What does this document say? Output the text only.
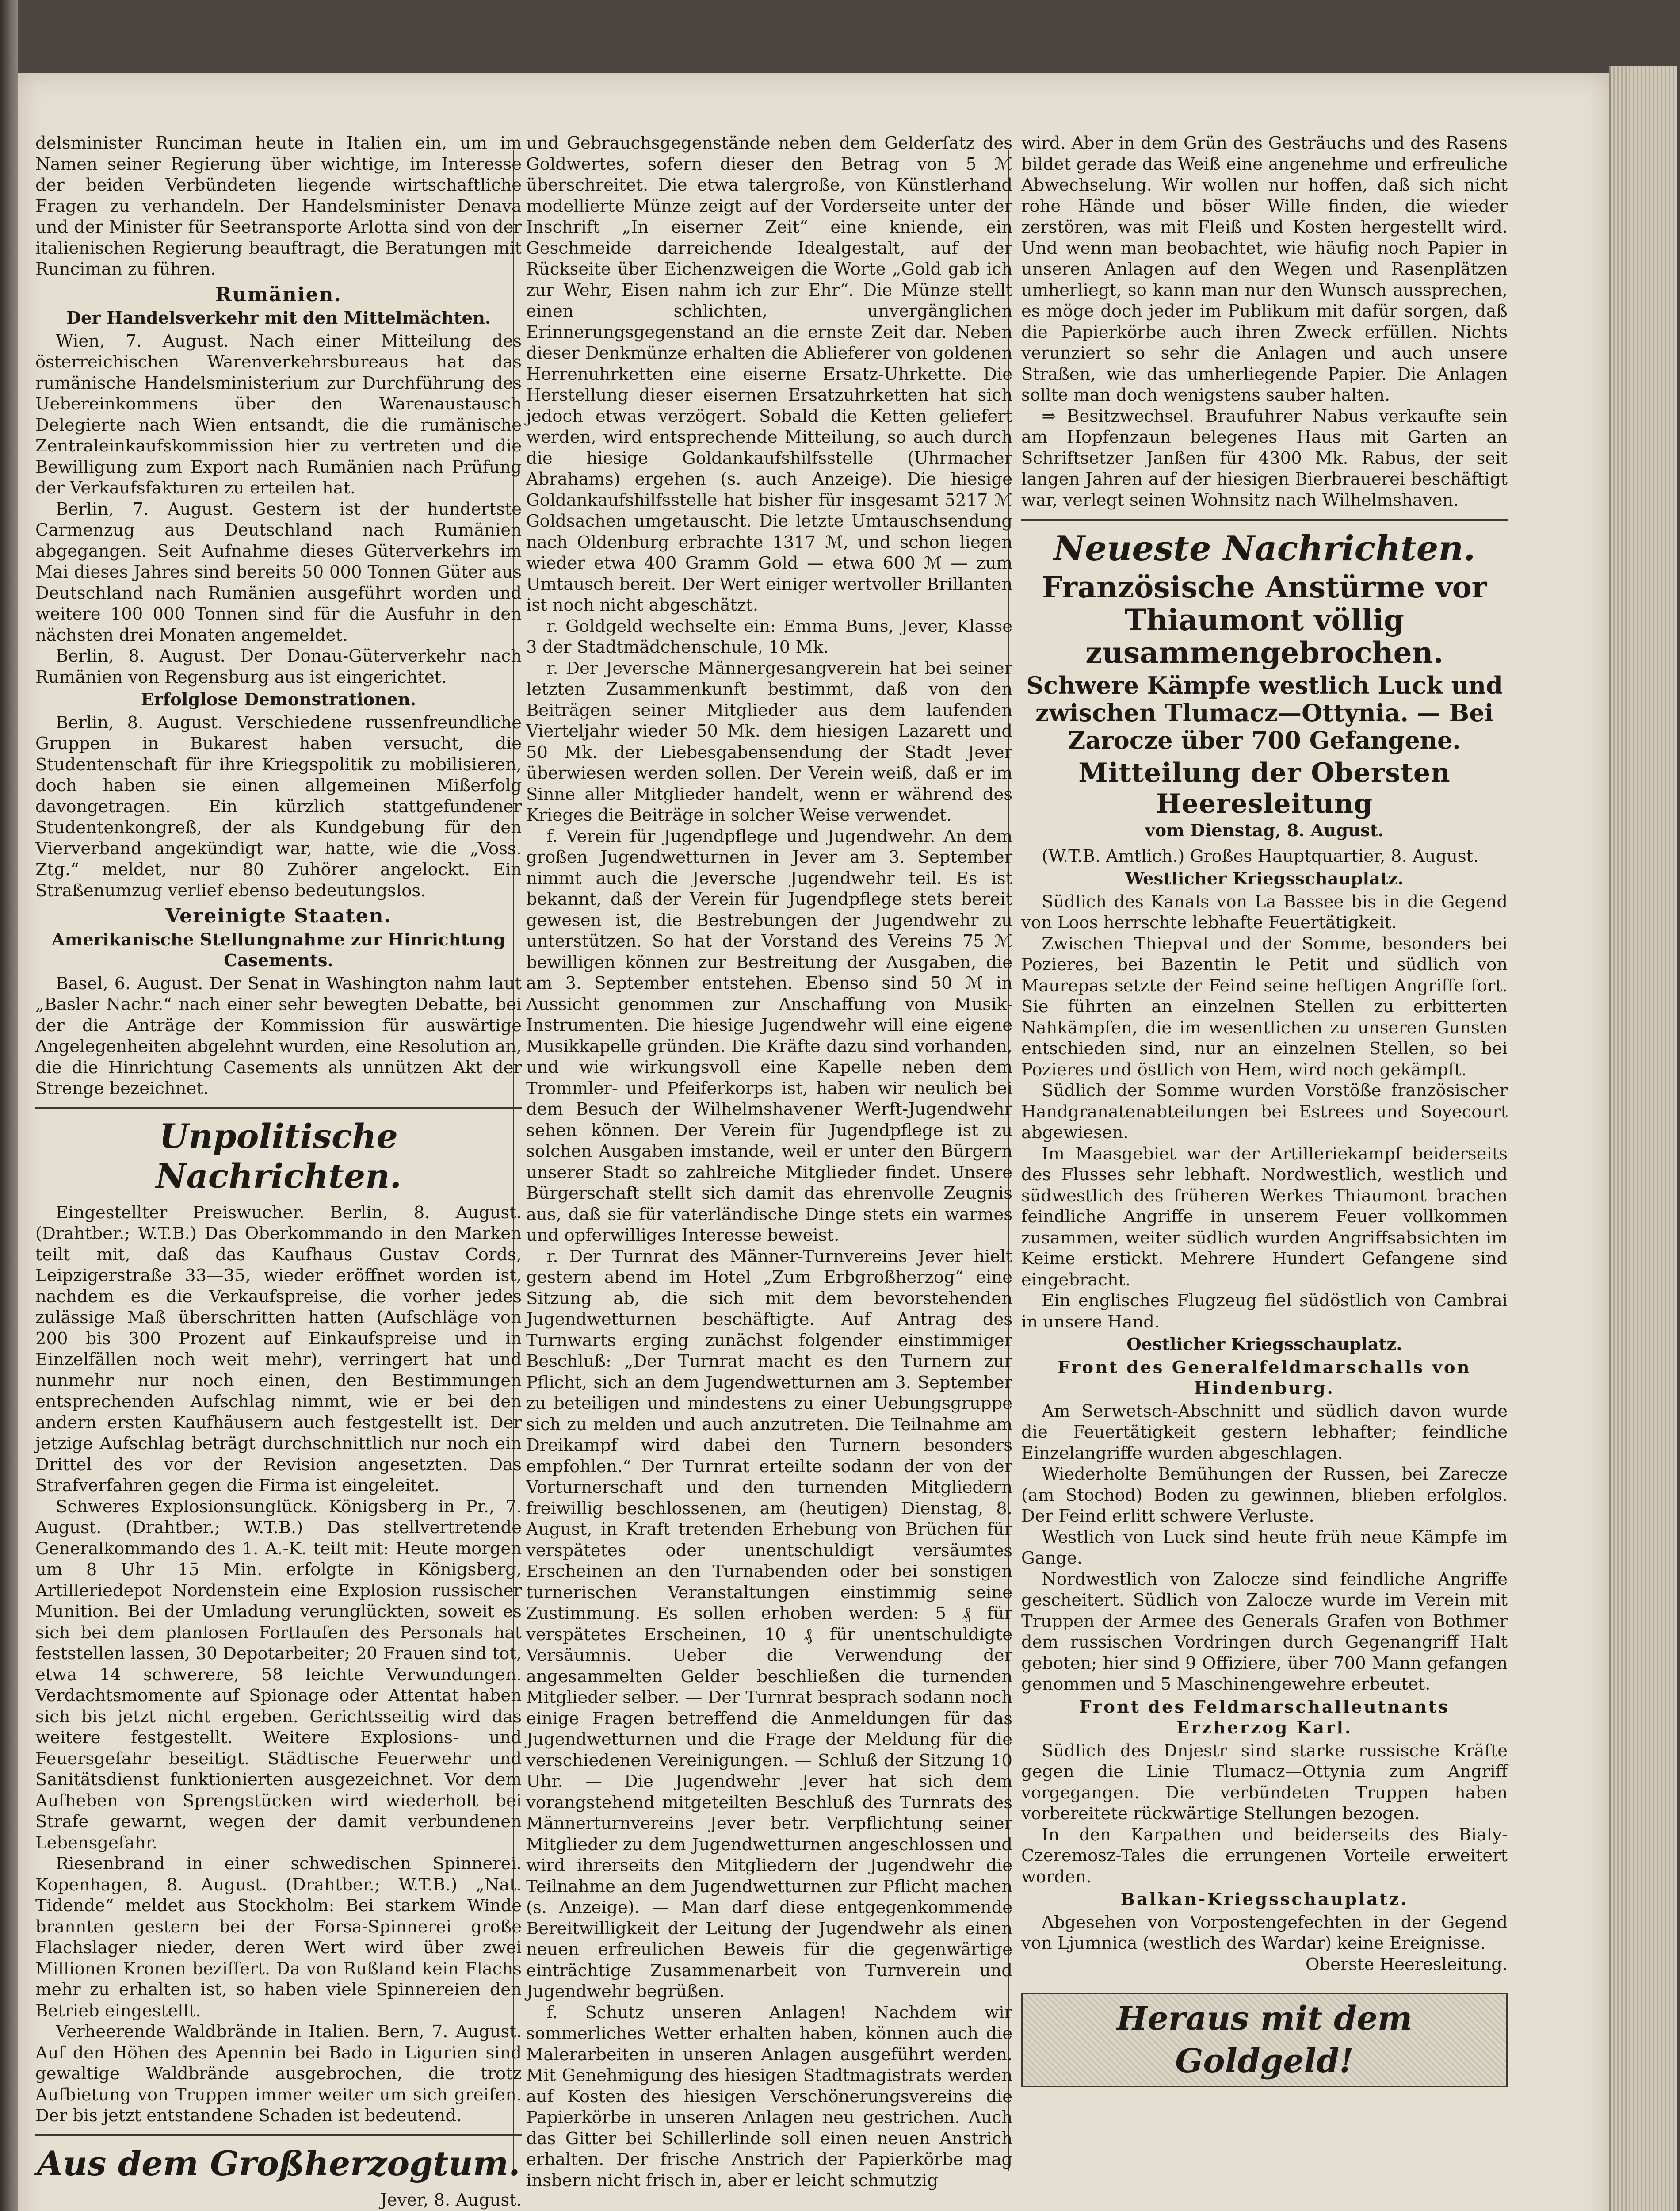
delsminister Runciman heute in Italien ein, um im Namen seiner Regierung über wichtige, im Interesse der beiden Verbündeten liegende wirtschaftliche Fragen zu verhandeln. Der Handelsminister Denava und der Minister für Seetransporte Arlotta sind von der italienischen Regierung beauftragt, die Beratungen mit Runciman zu führen.

Rumänien.
Der Handelsverkehr mit den Mittelmächten.

Wien, 7. August. Nach einer Mitteilung des österreichischen Warenverkehrsbureaus hat das rumänische Handelsministerium zur Durchführung des Uebereinkommens über den Warenaustausch Delegierte nach Wien entsandt, die die rumänische Zentraleinkaufskommission hier zu vertreten und die Bewilligung zum Export nach Rumänien nach Prüfung der Verkaufsfakturen zu erteilen hat.

Berlin, 7. August. Gestern ist der hundertste Carmenzug aus Deutschland nach Rumänien abgegangen. Seit Aufnahme dieses Güterverkehrs im Mai dieses Jahres sind bereits 50 000 Tonnen Güter aus Deutschland nach Rumänien ausgeführt worden und weitere 100 000 Tonnen sind für die Ausfuhr in den nächsten drei Monaten angemeldet.

Berlin, 8. August. Der Donau-Güterverkehr nach Rumänien von Regensburg aus ist eingerichtet.

Erfolglose Demonstrationen.

Berlin, 8. August. Verschiedene russenfreundliche Gruppen in Bukarest haben versucht, die Studentenschaft für ihre Kriegspolitik zu mobilisieren, doch haben sie einen allgemeinen Mißerfolg davongetragen. Ein kürzlich stattgefundener Studentenkongreß, der als Kundgebung für den Vierverband angekündigt war, hatte, wie die „Voss. Ztg.“ meldet, nur 80 Zuhörer angelockt. Ein Straßenumzug verlief ebenso bedeutungslos.

Vereinigte Staaten.
Amerikanische Stellungnahme zur Hinrichtung Casements.

Basel, 6. August. Der Senat in Washington nahm laut „Basler Nachr.“ nach einer sehr bewegten Debatte, bei der die Anträge der Kommission für auswärtige Angelegenheiten abgelehnt wurden, eine Resolution an, die die Hinrichtung Casements als unnützen Akt der Strenge bezeichnet.

Unpolitische Nachrichten.

Eingestellter Preiswucher. Berlin, 8. August. (Drahtber.; W.T.B.) Das Oberkommando in den Marken teilt mit, daß das Kaufhaus Gustav Cords, Leipzigerstraße 33—35, wieder eröffnet worden ist, nachdem es die Verkaufspreise, die vorher jedes zulässige Maß überschritten hatten (Aufschläge von 200 bis 300 Prozent auf Einkaufspreise und in Einzelfällen noch weit mehr), verringert hat und nunmehr nur noch einen, den Bestimmungen entsprechenden Aufschlag nimmt, wie er bei den andern ersten Kaufhäusern auch festgestellt ist. Der jetzige Aufschlag beträgt durchschnittlich nur noch ein Drittel des vor der Revision angesetzten. Das Strafverfahren gegen die Firma ist eingeleitet.

Schweres Explosionsunglück. Königsberg in Pr., 7. August. (Drahtber.; W.T.B.) Das stellvertretende Generalkommando des 1. A.-K. teilt mit: Heute morgen um 8 Uhr 15 Min. erfolgte in Königsberg, Artilleriedepot Nordenstein eine Explosion russischer Munition. Bei der Umladung verunglückten, soweit es sich bei dem planlosen Fortlaufen des Personals hat feststellen lassen, 30 Depotarbeiter; 20 Frauen sind tot, etwa 14 schwerere, 58 leichte Verwundungen. Verdachtsmomente auf Spionage oder Attentat haben sich bis jetzt nicht ergeben. Gerichtsseitig wird das weitere festgestellt. Weitere Explosions- und Feuersgefahr beseitigt. Städtische Feuerwehr und Sanitätsdienst funktionierten ausgezeichnet. Vor dem Aufheben von Sprengstücken wird wiederholt bei Strafe gewarnt, wegen der damit verbundenen Lebensgefahr.

Riesenbrand in einer schwedischen Spinnerei. Kopenhagen, 8. August. (Drahtber.; W.T.B.) „Nat. Tidende“ meldet aus Stockholm: Bei starkem Winde brannten gestern bei der Forsa-Spinnerei große Flachslager nieder, deren Wert wird über zwei Millionen Kronen beziffert. Da von Rußland kein Flachs mehr zu erhalten ist, so haben viele Spinnereien den Betrieb eingestellt.

Verheerende Waldbrände in Italien. Bern, 7. August. Auf den Höhen des Apennin bei Bado in Ligurien sind gewaltige Waldbrände ausgebrochen, die trotz Aufbietung von Truppen immer weiter um sich greifen. Der bis jetzt entstandene Schaden ist bedeutend.

Aus dem Großherzogtum.
Jever, 8. August.

und Gebrauchsgegenstände neben dem Gelderſatz des Goldwertes, sofern dieser den Betrag von 5 ℳ überschreitet. Die etwa talergroße, von Künstlerhand modellierte Münze zeigt auf der Vorderseite unter der Inschrift „In eiserner Zeit“ eine kniende, ein Geschmeide darreichende Idealgestalt, auf der Rückseite über Eichenzweigen die Worte „Gold gab ich zur Wehr, Eisen nahm ich zur Ehr“. Die Münze stellt einen schlichten, unvergänglichen Erinnerungsgegenstand an die ernste Zeit dar. Neben dieser Denkmünze erhalten die Ablieferer von goldenen Herrenuhrketten eine eiserne Ersatz-Uhrkette. Die Herstellung dieser eisernen Ersatzuhrketten hat sich jedoch etwas verzögert. Sobald die Ketten geliefert werden, wird entsprechende Mitteilung, so auch durch die hiesige Goldankaufshilfsstelle (Uhrmacher Abrahams) ergehen (s. auch Anzeige). Die hiesige Goldankaufshilfsstelle hat bisher für insgesamt 5217 ℳ Goldsachen umgetauscht. Die letzte Umtauschsendung nach Oldenburg erbrachte 1317 ℳ, und schon liegen wieder etwa 400 Gramm Gold — etwa 600 ℳ — zum Umtausch bereit. Der Wert einiger wertvoller Brillanten ist noch nicht abgeschätzt.

r. Goldgeld wechselte ein: Emma Buns, Jever, Klasse 3 der Stadtmädchenschule, 10 Mk.

r. Der Jeversche Männergesangverein hat bei seiner letzten Zusammenkunft bestimmt, daß von den Beiträgen seiner Mitglieder aus dem laufenden Vierteljahr wieder 50 Mk. dem hiesigen Lazarett und 50 Mk. der Liebesgabensendung der Stadt Jever überwiesen werden sollen. Der Verein weiß, daß er im Sinne aller Mitglieder handelt, wenn er während des Krieges die Beiträge in solcher Weise verwendet.

f. Verein für Jugendpflege und Jugendwehr. An dem großen Jugendwetturnen in Jever am 3. September nimmt auch die Jeversche Jugendwehr teil. Es ist bekannt, daß der Verein für Jugendpflege stets bereit gewesen ist, die Bestrebungen der Jugendwehr zu unterstützen. So hat der Vorstand des Vereins 75 ℳ bewilligen können zur Bestreitung der Ausgaben, die am 3. September entstehen. Ebenso sind 50 ℳ in Aussicht genommen zur Anschaffung von Musik-Instrumenten. Die hiesige Jugendwehr will eine eigene Musikkapelle gründen. Die Kräfte dazu sind vorhanden, und wie wirkungsvoll eine Kapelle neben dem Trommler- und Pfeiferkorps ist, haben wir neulich bei dem Besuch der Wilhelmshavener Werft-Jugendwehr sehen können. Der Verein für Jugendpflege ist zu solchen Ausgaben imstande, weil er unter den Bürgern unserer Stadt so zahlreiche Mitglieder findet. Unsere Bürgerschaft stellt sich damit das ehrenvolle Zeugnis aus, daß sie für vaterländische Dinge stets ein warmes und opferwilliges Interesse beweist.

r. Der Turnrat des Männer-Turnvereins Jever hielt gestern abend im Hotel „Zum Erbgroßherzog“ eine Sitzung ab, die sich mit dem bevorstehenden Jugendwetturnen beschäftigte. Auf Antrag des Turnwarts erging zunächst folgender einstimmiger Beschluß: „Der Turnrat macht es den Turnern zur Pflicht, sich an dem Jugendwetturnen am 3. September zu beteiligen und mindestens zu einer Uebungsgruppe sich zu melden und auch anzutreten. Die Teilnahme am Dreikampf wird dabei den Turnern besonders empfohlen.“ Der Turnrat erteilte sodann der von der Vorturnerschaft und den turnenden Mitgliedern freiwillig beschlossenen, am (heutigen) Dienstag, 8. August, in Kraft tretenden Erhebung von Brüchen für verspätetes oder unentschuldigt versäumtes Erscheinen an den Turnabenden oder bei sonstigen turnerischen Veranstaltungen einstimmig seine Zustimmung. Es sollen erhoben werden: 5 ₰ für verspätetes Erscheinen, 10 ₰ für unentschuldigte Versäumnis. Ueber die Verwendung der angesammelten Gelder beschließen die turnenden Mitglieder selber. — Der Turnrat besprach sodann noch einige Fragen betreffend die Anmeldungen für das Jugendwetturnen und die Frage der Meldung für die verschiedenen Vereinigungen. — Schluß der Sitzung 10 Uhr. — Die Jugendwehr Jever hat sich dem vorangstehend mitgeteilten Beschluß des Turnrats des Männerturnvereins Jever betr. Verpflichtung seiner Mitglieder zu dem Jugendwetturnen angeschlossen und wird ihrerseits den Mitgliedern der Jugendwehr die Teilnahme an dem Jugendwetturnen zur Pflicht machen (s. Anzeige). — Man darf diese entgegenkommende Bereitwilligkeit der Leitung der Jugendwehr als einen neuen erfreulichen Beweis für die gegenwärtige einträchtige Zusammenarbeit von Turnverein und Jugendwehr begrüßen.

f. Schutz unseren Anlagen! Nachdem wir sommerliches Wetter erhalten haben, können auch die Malerarbeiten in unseren Anlagen ausgeführt werden. Mit Genehmigung des hiesigen Stadtmagistrats werden auf Kosten des hiesigen Verschönerungsvereins die Papierkörbe in unseren Anlagen neu gestrichen. Auch das Gitter bei Schillerlinde soll einen neuen Anstrich erhalten. Der frische Anstrich der Papierkörbe mag insbern nicht frisch in, aber er leicht schmutzig

wird. Aber in dem Grün des Gesträuchs und des Rasens bildet gerade das Weiß eine angenehme und erfreuliche Abwechselung. Wir wollen nur hoffen, daß sich nicht rohe Hände und böser Wille finden, die wieder zerstören, was mit Fleiß und Kosten hergestellt wird. Und wenn man beobachtet, wie häufig noch Papier in unseren Anlagen auf den Wegen und Rasenplätzen umherliegt, so kann man nur den Wunsch aussprechen, es möge doch jeder im Publikum mit dafür sorgen, daß die Papierkörbe auch ihren Zweck erfüllen. Nichts verunziert so sehr die Anlagen und auch unsere Straßen, wie das umherliegende Papier. Die Anlagen sollte man doch wenigstens sauber halten.

⇒ Besitzwechsel. Braufuhrer Nabus verkaufte sein am Hopfenzaun belegenes Haus mit Garten an Schriftsetzer Janßen für 4300 Mk. Rabus, der seit langen Jahren auf der hiesigen Bierbrauerei beschäftigt war, verlegt seinen Wohnsitz nach Wilhelmshaven.

Neueste Nachrichten.
Französische Anstürme vor Thiaumont völlig zusammengebrochen.
Schwere Kämpfe westlich Luck und zwischen Tlumacz—Ottynia. — Bei Zarocze über 700 Gefangene.
Mitteilung der Obersten Heeresleitung
vom Dienstag, 8. August.

(W.T.B. Amtlich.) Großes Hauptquartier, 8. August.

Westlicher Kriegsschauplatz.

Südlich des Kanals von La Bassee bis in die Gegend von Loos herrschte lebhafte Feuertätigkeit.

Zwischen Thiepval und der Somme, besonders bei Pozieres, bei Bazentin le Petit und südlich von Maurepas setzte der Feind seine heftigen Angriffe fort. Sie führten an einzelnen Stellen zu erbitterten Nahkämpfen, die im wesentlichen zu unseren Gunsten entschieden sind, nur an einzelnen Stellen, so bei Pozieres und östlich von Hem, wird noch gekämpft.

Südlich der Somme wurden Vorstöße französischer Handgranatenabteilungen bei Estrees und Soyecourt abgewiesen.

Im Maasgebiet war der Artilleriekampf beiderseits des Flusses sehr lebhaft. Nordwestlich, westlich und südwestlich des früheren Werkes Thiaumont brachen feindliche Angriffe in unserem Feuer vollkommen zusammen, weiter südlich wurden Angriffsabsichten im Keime erstickt. Mehrere Hundert Gefangene sind eingebracht.

Ein englisches Flugzeug fiel südöstlich von Cambrai in unsere Hand.

Oestlicher Kriegsschauplatz.
Front des Generalfeldmarschalls von Hindenburg.

Am Serwetsch-Abschnitt und südlich davon wurde die Feuertätigkeit gestern lebhafter; feindliche Einzelangriffe wurden abgeschlagen.

Wiederholte Bemühungen der Russen, bei Zarecze (am Stochod) Boden zu gewinnen, blieben erfolglos. Der Feind erlitt schwere Verluste.

Westlich von Luck sind heute früh neue Kämpfe im Gange.

Nordwestlich von Zalocze sind feindliche Angriffe gescheitert. Südlich von Zalocze wurde im Verein mit Truppen der Armee des Generals Grafen von Bothmer dem russischen Vordringen durch Gegenangriff Halt geboten; hier sind 9 Offiziere, über 700 Mann gefangen genommen und 5 Maschinengewehre erbeutet.

Front des Feldmarschalleutnants Erzherzog Karl.

Südlich des Dnjestr sind starke russische Kräfte gegen die Linie Tlumacz—Ottynia zum Angriff vorgegangen. Die verbündeten Truppen haben vorbereitete rückwärtige Stellungen bezogen.

In den Karpathen und beiderseits des Bialy-Czeremosz-Tales die errungenen Vorteile erweitert worden.

Balkan-Kriegsschauplatz.

Abgesehen von Vorpostengefechten in der Gegend von Ljumnica (westlich des Wardar) keine Ereignisse.

Oberste Heeresleitung.
Heraus mit dem Goldgeld!
